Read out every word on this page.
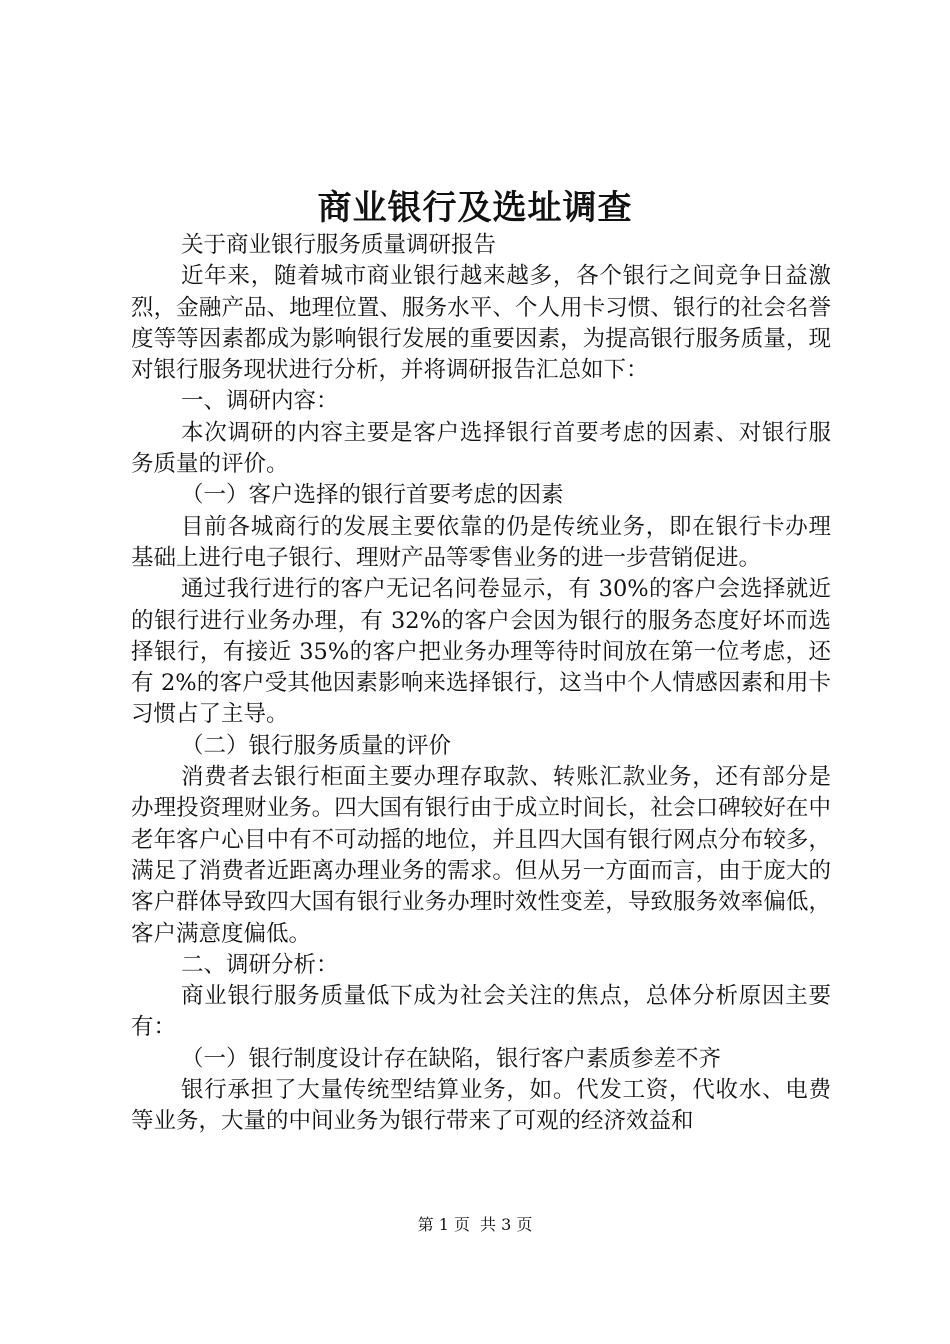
商业银行及选址调查

关于商业银行服务质量调研报告

近年来，随着城市商业银行越来越多，各个银行之间竞争日益激烈，金融产品、地理位置、服务水平、个人用卡习惯、银行的社会名誉度等等因素都成为影响银行发展的重要因素，为提高银行服务质量，现对银行服务现状进行分析，并将调研报告汇总如下：

一、调研内容：

本次调研的内容主要是客户选择银行首要考虑的因素、对银行服务质量的评价。

（一）客户选择的银行首要考虑的因素

目前各城商行的发展主要依靠的仍是传统业务，即在银行卡办理基础上进行电子银行、理财产品等零售业务的进一步营销促进。

通过我行进行的客户无记名问卷显示，有 30%的客户会选择就近的银行进行业务办理，有 32%的客户会因为银行的服务态度好坏而选择银行，有接近 35%的客户把业务办理等待时间放在第一位考虑，还有 2%的客户受其他因素影响来选择银行，这当中个人情感因素和用卡习惯占了主导。

（二）银行服务质量的评价

消费者去银行柜面主要办理存取款、转账汇款业务，还有部分是办理投资理财业务。四大国有银行由于成立时间长，社会口碑较好在中老年客户心目中有不可动摇的地位，并且四大国有银行网点分布较多，满足了消费者近距离办理业务的需求。但从另一方面而言，由于庞大的客户群体导致四大国有银行业务办理时效性变差，导致服务效率偏低，客户满意度偏低。

二、调研分析：

商业银行服务质量低下成为社会关注的焦点，总体分析原因主要有：

（一）银行制度设计存在缺陷，银行客户素质参差不齐

银行承担了大量传统型结算业务，如。代发工资，代收水、电费等业务，大量的中间业务为银行带来了可观的经济效益和

第 1 页 共 3 页
